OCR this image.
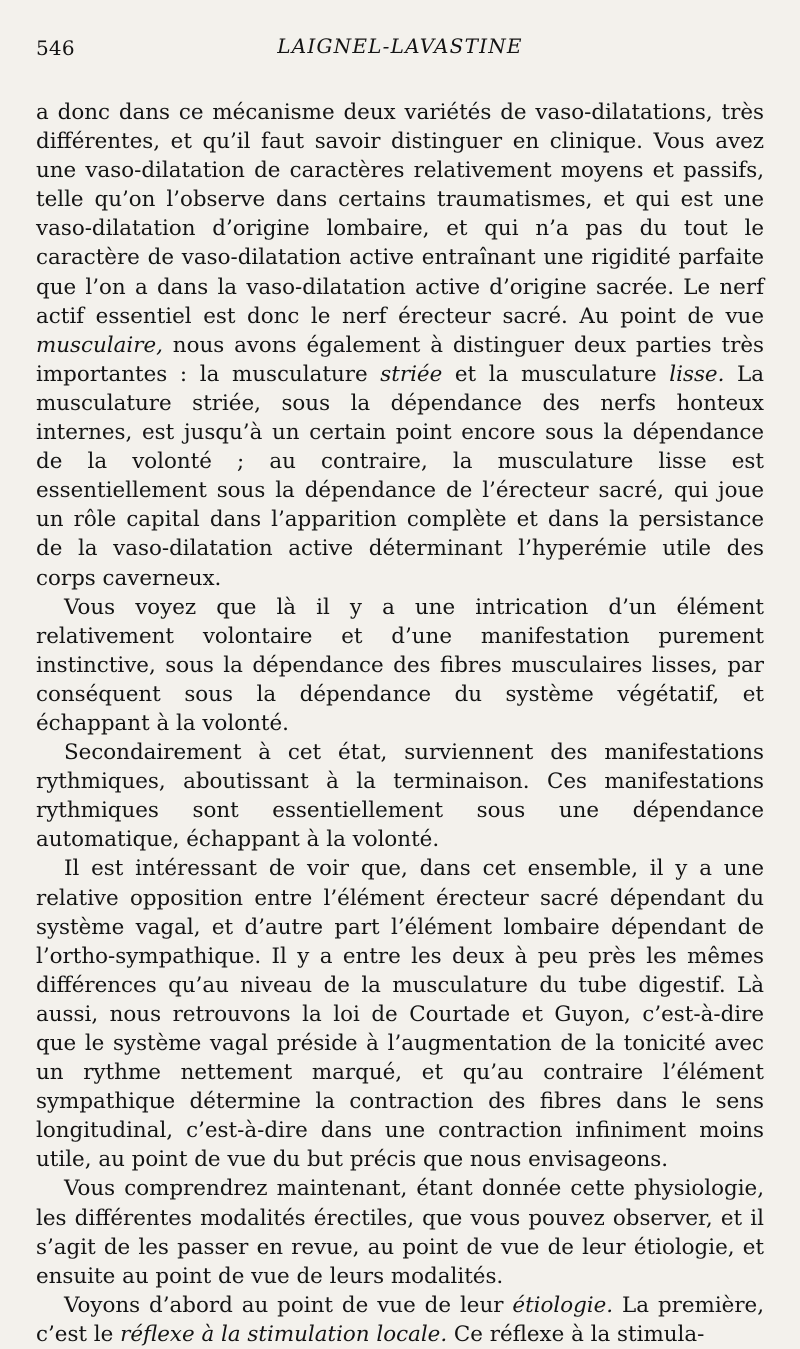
546	LAIGNEL-LAVASTINE

a donc dans ce mécanisme deux variétés de vaso-dilatations, très différentes, et qu’il faut savoir distinguer en clinique. Vous avez une vaso-dilatation de caractères relativement moyens et passifs, telle qu’on l’observe dans certains traumatismes, et qui est une vaso-dilatation d’origine lombaire, et qui n’a pas du tout le caractère de vaso-dilatation active entraînant une rigidité parfaite que l’on a dans la vaso-dilatation active d’origine sacrée. Le nerf actif essentiel est donc le nerf érecteur sacré. Au point de vue musculaire, nous avons également à distinguer deux parties très importantes : la musculature striée et la musculature lisse. La musculature striée, sous la dépendance des nerfs honteux internes, est jusqu’à un certain point encore sous la dépendance de la volonté ; au contraire, la musculature lisse est essentiellement sous la dépendance de l’érecteur sacré, qui joue un rôle capital dans l’apparition complète et dans la persistance de la vaso-dilatation active déterminant l’hyperémie utile des corps caverneux.

Vous voyez que là il y a une intrication d’un élément relativement volontaire et d’une manifestation purement instinctive, sous la dépendance des fibres musculaires lisses, par conséquent sous la dépendance du système végétatif, et échappant à la volonté.

Secondairement à cet état, surviennent des manifestations rythmiques, aboutissant à la terminaison. Ces manifestations rythmiques sont essentiellement sous une dépendance automatique, échappant à la volonté.

Il est intéressant de voir que, dans cet ensemble, il y a une relative opposition entre l’élément érecteur sacré dépendant du système vagal, et d’autre part l’élément lombaire dépendant de l’ortho-sympathique. Il y a entre les deux à peu près les mêmes différences qu’au niveau de la musculature du tube digestif. Là aussi, nous retrouvons la loi de Courtade et Guyon, c’est-à-dire que le système vagal préside à l’augmentation de la tonicité avec un rythme nettement marqué, et qu’au contraire l’élément sympathique détermine la contraction des fibres dans le sens longitudinal, c’est-à-dire dans une contraction infiniment moins utile, au point de vue du but précis que nous envisageons.

Vous comprendrez maintenant, étant donnée cette physiologie, les différentes modalités érectiles, que vous pouvez observer, et il s’agit de les passer en revue, au point de vue de leur étiologie, et ensuite au point de vue de leurs modalités.

Voyons d’abord au point de vue de leur étiologie. La première, c’est le réflexe à la stimulation locale. Ce réflexe à la stimula-
